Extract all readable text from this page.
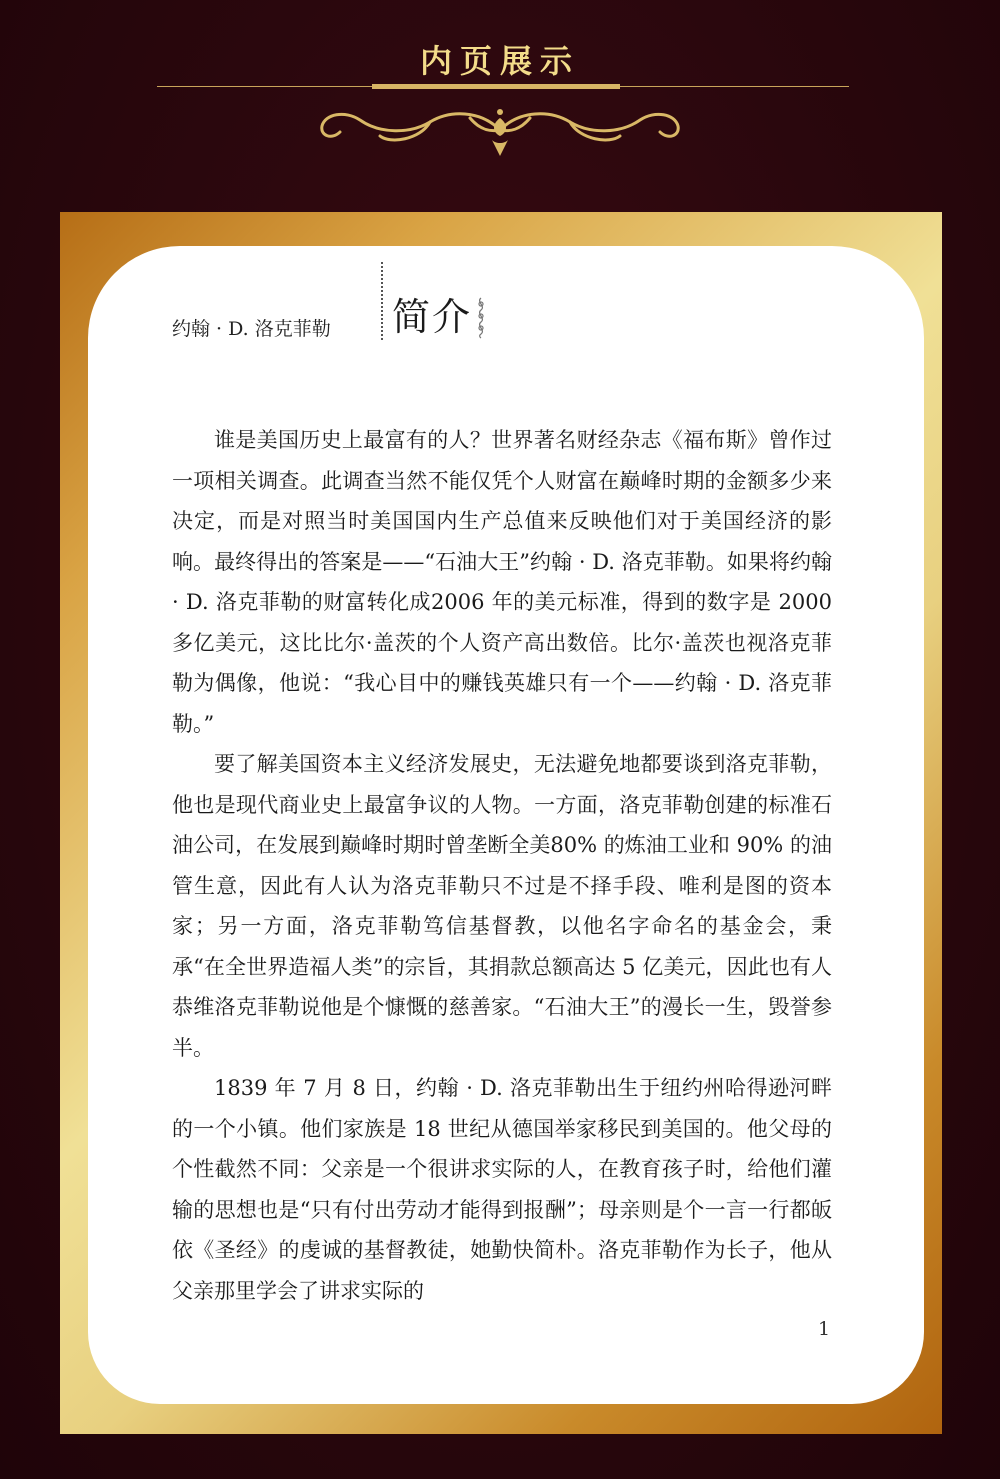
内页展示
约翰 · D. 洛克菲勒 简介

谁是美国历史上最富有的人？世界著名财经杂志《福布斯》曾作过一项相关调查。此调查当然不能仅凭个人财富在巅峰时期的金额多少来决定，而是对照当时美国国内生产总值来反映他们对于美国经济的影响。最终得出的答案是——“石油大王”约翰 · D. 洛克菲勒。如果将约翰 · D. 洛克菲勒的财富转化成2006 年的美元标准，得到的数字是 2000 多亿美元，这比比尔·盖茨的个人资产高出数倍。比尔·盖茨也视洛克菲勒为偶像，他说：“我心目中的赚钱英雄只有一个——约翰 · D. 洛克菲勒。”

要了解美国资本主义经济发展史，无法避免地都要谈到洛克菲勒，他也是现代商业史上最富争议的人物。一方面，洛克菲勒创建的标准石油公司，在发展到巅峰时期时曾垄断全美80% 的炼油工业和 90% 的油管生意，因此有人认为洛克菲勒只不过是不择手段、唯利是图的资本家；另一方面，洛克菲勒笃信基督教，以他名字命名的基金会，秉承“在全世界造福人类”的宗旨，其捐款总额高达 5 亿美元，因此也有人恭维洛克菲勒说他是个慷慨的慈善家。“石油大王”的漫长一生，毁誉参半。

1839 年 7 月 8 日，约翰 · D. 洛克菲勒出生于纽约州哈得逊河畔的一个小镇。他们家族是 18 世纪从德国举家移民到美国的。他父母的个性截然不同：父亲是一个很讲求实际的人，在教育孩子时，给他们灌输的思想也是“只有付出劳动才能得到报酬”；母亲则是个一言一行都皈依《圣经》的虔诚的基督教徒，她勤快简朴。洛克菲勒作为长子，他从父亲那里学会了讲求实际的

1
